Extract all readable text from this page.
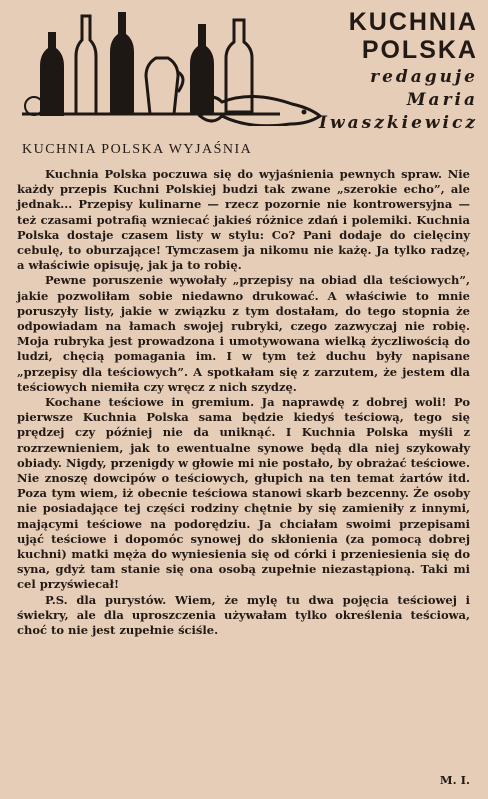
KUCHNIA
POLSKA
redaguje
Maria
Iwaszkiewicz
KUCHNIA POLSKA WYJAŚNIA

Kuchnia Polska poczuwa się do wyjaśnienia pewnych spraw. Nie każdy przepis Kuchni Polskiej budzi tak zwane „szerokie echo”, ale jednak... Przepisy kulinarne — rzecz pozornie nie kontrowersyjna — też czasami potrafią wzniecać jakieś różnice zdań i polemiki. Kuchnia Polska dostaje czasem listy w stylu: Co? Pani dodaje do cielęciny cebulę, to oburzające! Tymczasem ja nikomu nie każę. Ja tylko radzę, a właściwie opisuję, jak ja to robię.

Pewne poruszenie wywołały „przepisy na obiad dla teściowych”, jakie pozwoliłam sobie niedawno drukować. A właściwie to mnie poruszyły listy, jakie w związku z tym dostałam, do tego stopnia że odpowiadam na łamach swojej rubryki, czego zazwyczaj nie robię. Moja rubryka jest prowadzona i umotywowana wielką życzliwością do ludzi, chęcią pomagania im. I w tym też duchu były napisane „przepisy dla teściowych”. A spotkałam się z zarzutem, że jestem dla teściowych niemiła czy wręcz z nich szydzę.

Kochane teściowe in gremium. Ja naprawdę z dobrej woli! Po pierwsze Kuchnia Polska sama będzie kiedyś teściową, tego się prędzej czy później nie da uniknąć. I Kuchnia Polska myśli z rozrzewnieniem, jak to ewentualne synowe będą dla niej szykowały obiady. Nigdy, przenigdy w głowie mi nie postało, by obrażać teściowe. Nie znoszę dowcipów o teściowych, głupich na ten temat żartów itd. Poza tym wiem, iż obecnie teściowa stanowi skarb bezcenny. Że osoby nie posiadające tej części rodziny chętnie by się zamieniły z innymi, mającymi teściowe na podorędziu. Ja chciałam swoimi przepisami ująć teściowe i dopomóc synowej do skłonienia (za pomocą dobrej kuchni) matki męża do wyniesienia się od córki i przeniesienia się do syna, gdyż tam stanie się ona osobą zupełnie niezastąpioną. Taki mi cel przyświecał!

P.S. dla purystów. Wiem, że mylę tu dwa pojęcia teściowej i świekry, ale dla uproszczenia używałam tylko określenia teściowa, choć to nie jest zupełnie ściśle.

M. I.
